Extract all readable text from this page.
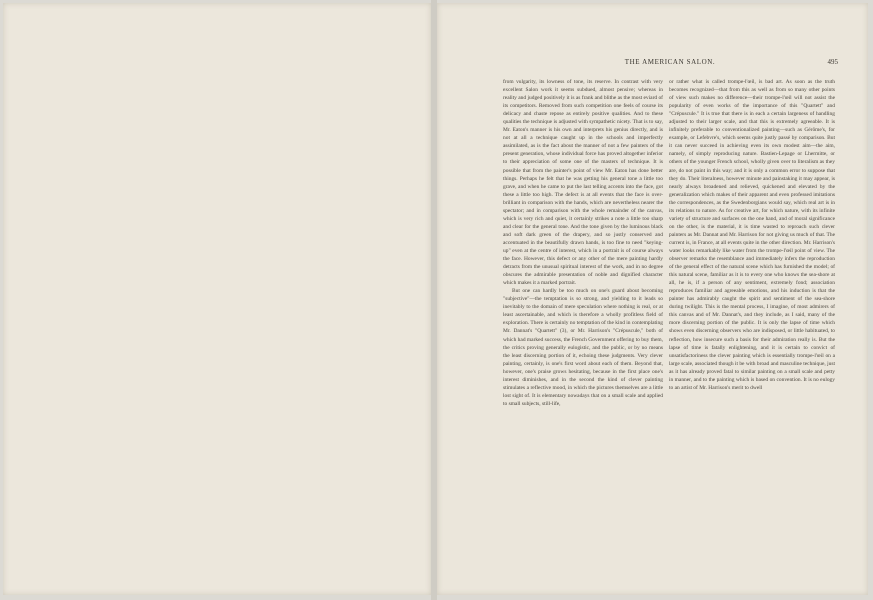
THE AMERICAN SALON.	495

from vulgarity, its lowness of tone, its reserve. In contrast with very excellent Salon work it seems subdued, almost pensive; whereas in reality and judged positively it is as frank and blithe as the most eviard of its competitors. Removed from such competition one feels of course its delicacy and chaste repose as entirely positive qualities. And to these qualities the technique is adjusted with sympathetic nicety. That is to say, Mr. Eaton's manner is his own and interprets his genius directly, and is not at all a technique caught up in the schools and imperfectly assimilated, as is the fact about the manner of not a few painters of the present generation, whose individual force has proved altogether inferior to their appreciation of some one of the masters of technique. It is possible that from the painter's point of view Mr. Eaton has done better things. Perhaps he felt that he was getting his general tone a little too grave, and when he came to put the last telling accents into the face, got these a little too high. The defect is at all events that the face is over-brilliant in comparison with the hands, which are nevertheless nearer the spectator; and in comparison with the whole remainder of the canvas, which is very rich and quiet, it certainly strikes a note a little too sharp and clear for the general tone. And the tone given by the luminous black and soft dark green of the drapery, and so justly conserved and accentuated in the beautifully drawn hands, is too fine to need "keying-up" even at the centre of interest, which in a portrait is of course always the face. However, this defect or any other of the mere painting hardly detracts from the unusual spiritual interest of the work, and in no degree obscures the admirable presentation of noble and dignified character which makes it a marked portrait.

But one can hardly be too much on one's guard about becoming "subjective"—the temptation is so strong, and yielding to it leads so inevitably to the domain of mere speculation where nothing is real, or at least ascertainable, and which is therefore a wholly profitless field of exploration. There is certainly no temptation of the kind in contemplating Mr. Dannat's "Quartett" (3), or Mr. Harrison's "Crépuscule," both of which had marked success, the French Government offering to buy them, the critics proving generally eulogistic, and the public, or by no means the least discerning portion of it, echoing these judgments. Very clever painting, certainly, is one's first word about each of them. Beyond that, however, one's praise grows hesitating, because in the first place one's interest diminishes, and in the second the kind of clever painting stimulates a reflective mood, in which the pictures themselves are a little lost sight of. It is elementary nowadays that on a small scale and applied to small subjects, still-life,

or rather what is called trompe-l'œil, is bad art. As soon as the truth becomes recognized—that from this as well as from so many other points of view such makes no difference—their trompe-l'œil will not assist the popularity of even works of the importance of this "Quartett" and "Crépuscule." It is true that there is in each a certain largeness of handling adjusted to their larger scale, and that this is extremely agreeable. It is infinitely preferable to conventionalized painting—such as Gérôme's, for example, or Lefebvre's, which seems quite justly passé by comparison. But it can never succeed in achieving even its own modest aim—the aim, namely, of simply reproducing nature. Bastien-Lepage or Lhermitte, or others of the younger French school, wholly given over to literalism as they are, do not paint in this way; and it is only a common error to suppose that they do. Their literalness, however minute and painstaking it may appear, is nearly always broadened and relieved, quickened and elevated by the generalization which makes of their apparent and even professed imitations the correspondences, as the Swedenborgians would say, which real art is in its relations to nature. As for creative art, for which nature, with its infinite variety of structure and surfaces on the one hand, and of moral significance on the other, is the material, it is time wasted to reproach such clever painters as Mr. Dannat and Mr. Harrison for not giving us much of that. The current is, in France, at all events quite in the other direction. Mr. Harrison's water looks remarkably like water from the trompe-l'œil point of view. The observer remarks the resemblance and immediately infers the reproduction of the general effect of the natural scene which has furnished the model; of this natural scene, familiar as it is to every one who knows the sea-shore at all, he is, if a person of any sentiment, extremely fond; association reproduces familiar and agreeable emotions, and his induction is that the painter has admirably caught the spirit and sentiment of the sea-shore during twilight. This is the mental process, I imagine, of most admirers of this canvas and of Mr. Dannat's, and they include, as I said, many of the more discerning portion of the public. It is only the lapse of time which shows even discerning observers who are indisposed, or little habituated, to reflection, how insecure such a basis for their admiration really is. But the lapse of time is fatally enlightening, and it is certain to convict of unsatisfactoriness the clever painting which is essentially trompe-l'œil on a large scale, associated though it be with broad and masculine technique, just as it has already proved fatal to similar painting on a small scale and petty in manner, and to the painting which is based on convention. It is no eulogy to an artist of Mr. Harrison's merit to dwell
